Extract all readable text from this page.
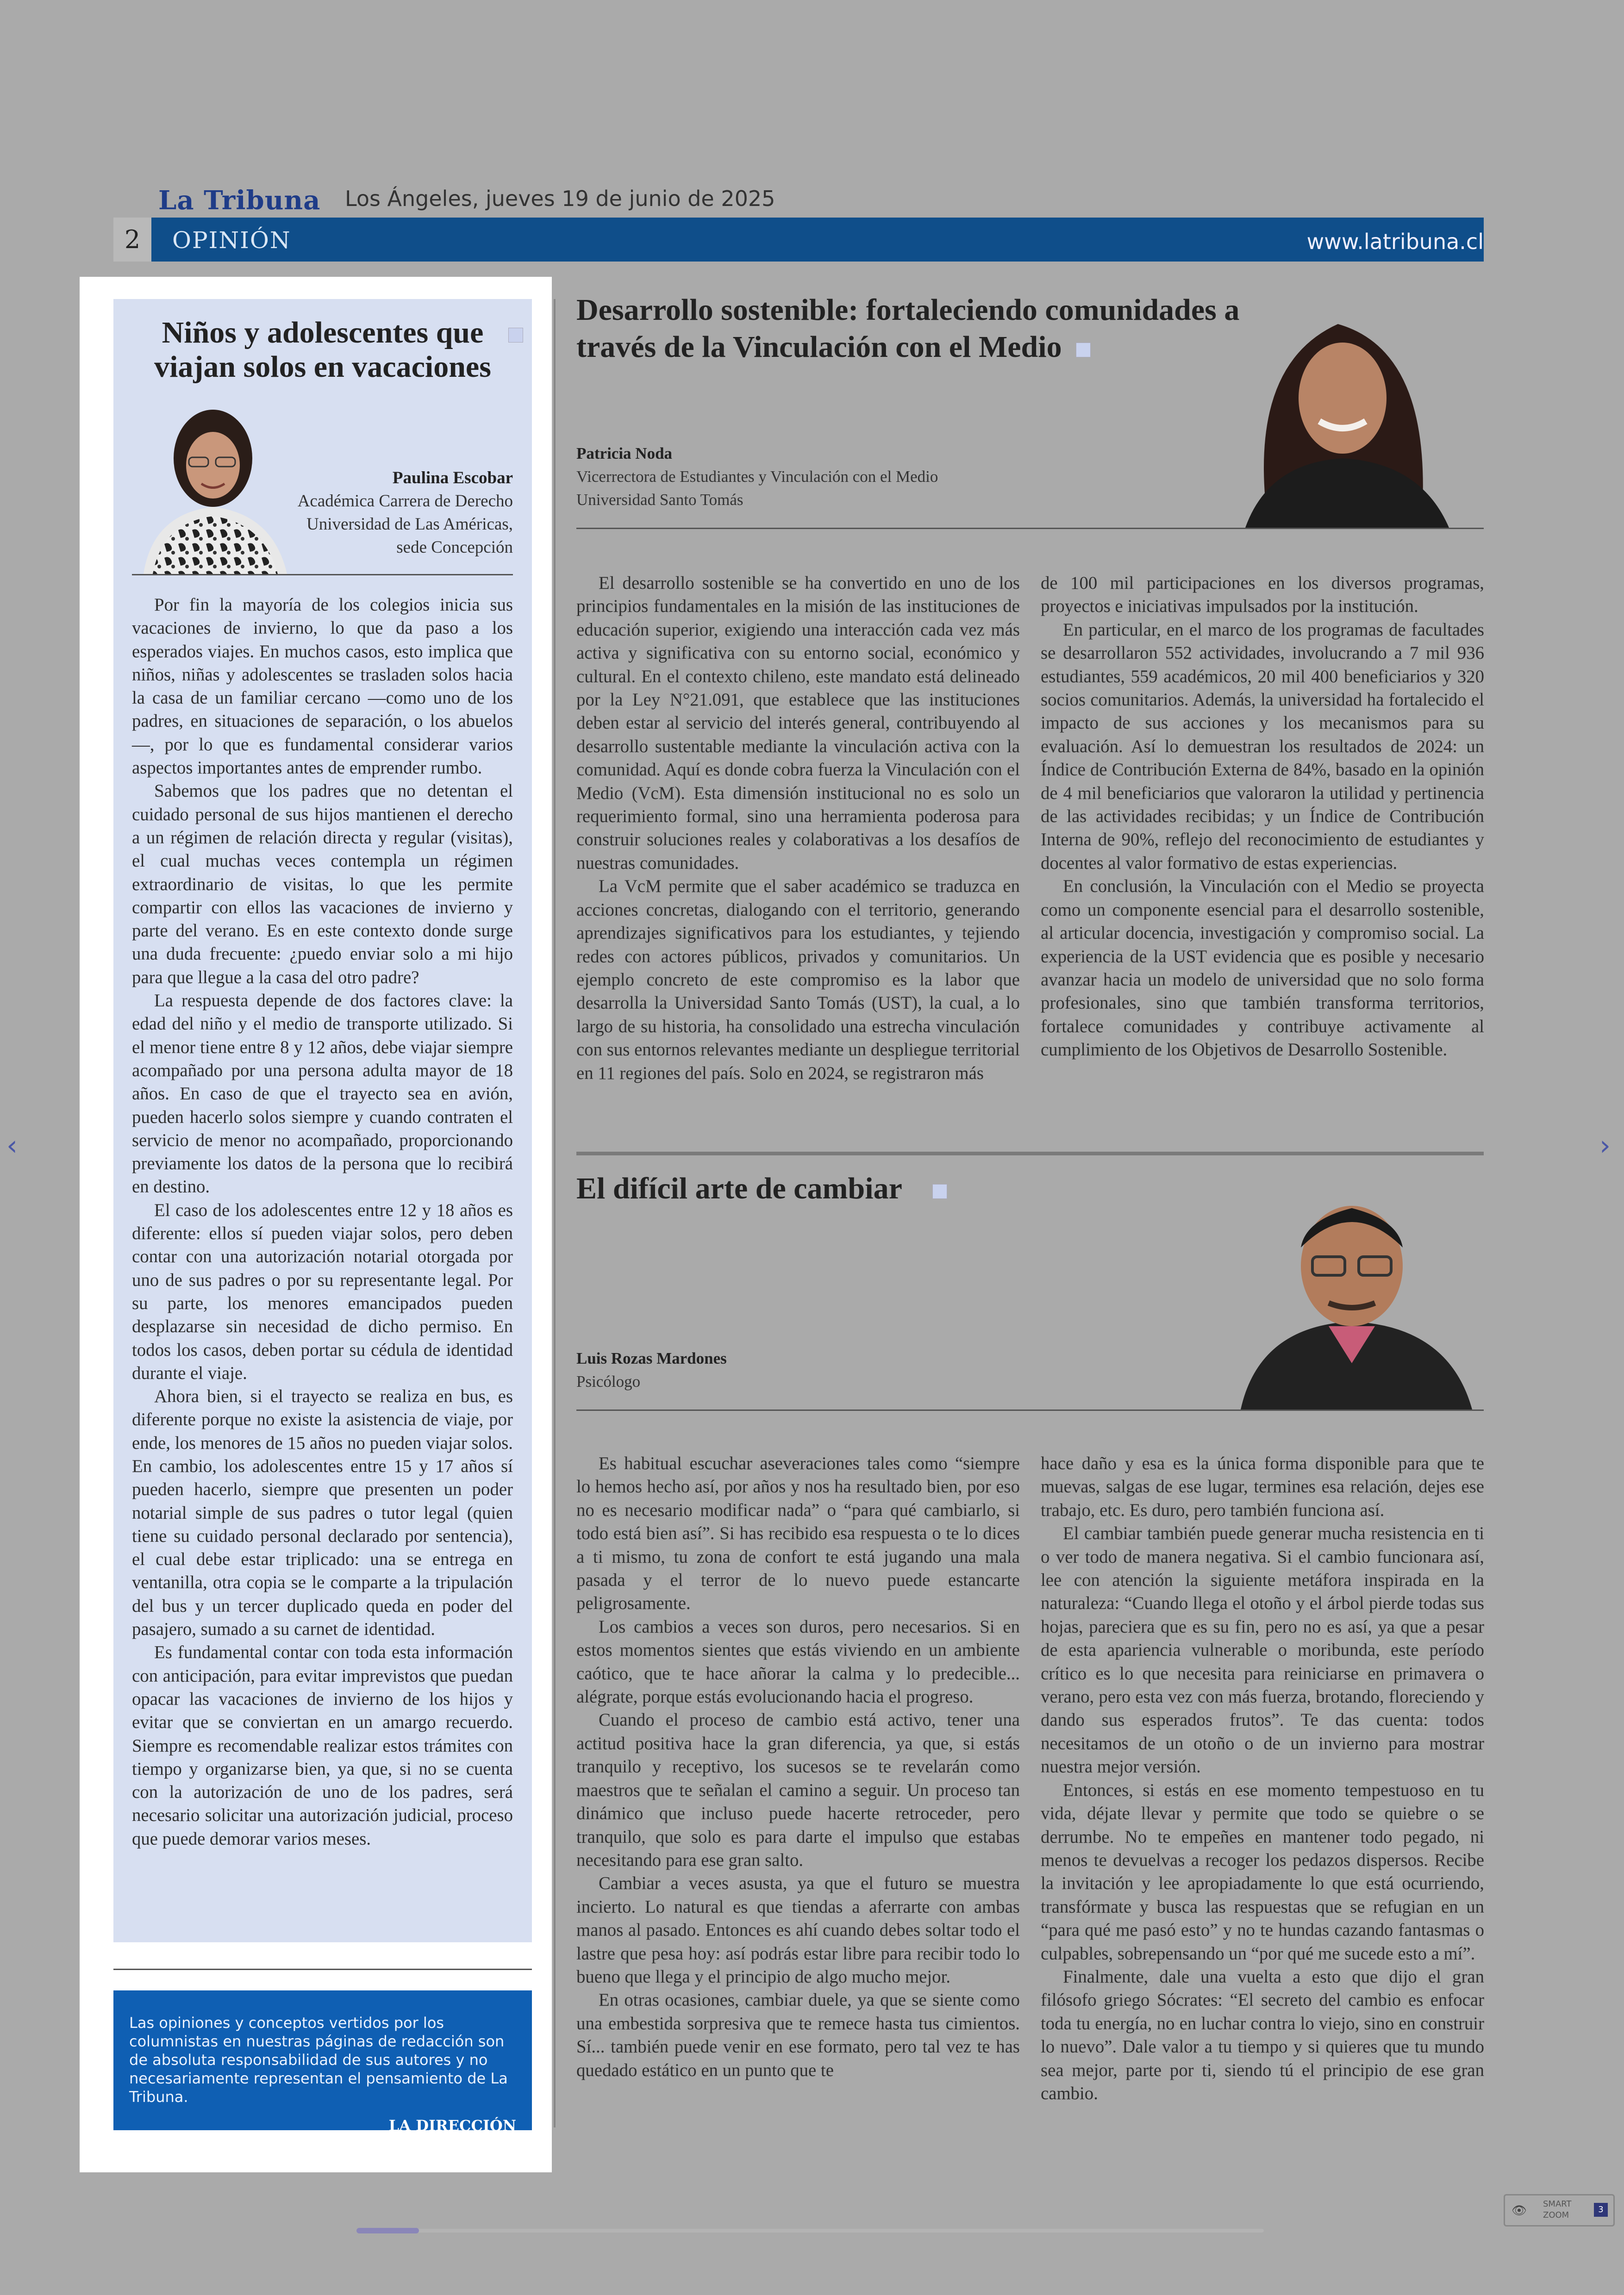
La Tribuna Los Ángeles, jueves 19 de junio de 2025
2	OPINIÓN	www.latribuna.cl
Niños y adolescentes que viajan solos en vacaciones
Paulina Escobar
Académica Carrera de Derecho
Universidad de Las Américas,
sede Concepción

Por fin la mayoría de los colegios inicia sus vacaciones de invierno, lo que da paso a los esperados viajes. En muchos casos, esto implica que niños, niñas y adolescentes se trasladen solos hacia la casa de un familiar cercano —como uno de los padres, en situaciones de separación, o los abuelos—, por lo que es fundamental considerar varios aspectos importantes antes de emprender rumbo.

Sabemos que los padres que no detentan el cuidado personal de sus hijos mantienen el derecho a un régimen de relación directa y regular (visitas), el cual muchas veces contempla un régimen extraordinario de visitas, lo que les permite compartir con ellos las vacaciones de invierno y parte del verano. Es en este contexto donde surge una duda frecuente: ¿puedo enviar solo a mi hijo para que llegue a la casa del otro padre?

La respuesta depende de dos factores clave: la edad del niño y el medio de transporte utilizado. Si el menor tiene entre 8 y 12 años, debe viajar siempre acompañado por una persona adulta mayor de 18 años. En caso de que el trayecto sea en avión, pueden hacerlo solos siempre y cuando contraten el servicio de menor no acompañado, proporcionando previamente los datos de la persona que lo recibirá en destino.

El caso de los adolescentes entre 12 y 18 años es diferente: ellos sí pueden viajar solos, pero deben contar con una autorización notarial otorgada por uno de sus padres o por su representante legal. Por su parte, los menores emancipados pueden desplazarse sin necesidad de dicho permiso. En todos los casos, deben portar su cédula de identidad durante el viaje.

Ahora bien, si el trayecto se realiza en bus, es diferente porque no existe la asistencia de viaje, por ende, los menores de 15 años no pueden viajar solos. En cambio, los adolescentes entre 15 y 17 años sí pueden hacerlo, siempre que presenten un poder notarial simple de sus padres o tutor legal (quien tiene su cuidado personal declarado por sentencia), el cual debe estar triplicado: una se entrega en ventanilla, otra copia se le comparte a la tripulación del bus y un tercer duplicado queda en poder del pasajero, sumado a su carnet de identidad.

Es fundamental contar con toda esta información con anticipación, para evitar imprevistos que puedan opacar las vacaciones de invierno de los hijos y evitar que se conviertan en un amargo recuerdo. Siempre es recomendable realizar estos trámites con tiempo y organizarse bien, ya que, si no se cuenta con la autorización de uno de los padres, será necesario solicitar una autorización judicial, proceso que puede demorar varios meses.

Las opiniones y conceptos vertidos por los columnistas en nuestras páginas de redacción son de absoluta responsabilidad de sus autores y no necesariamente representan el pensamiento de La Tribuna.
LA DIRECCIÓN
Desarrollo sostenible: fortaleciendo comunidades a través de la Vinculación con el Medio
Patricia Noda
Vicerrectora de Estudiantes y Vinculación con el Medio
Universidad Santo Tomás

El desarrollo sostenible se ha convertido en uno de los principios fundamentales en la misión de las instituciones de educación superior, exigiendo una interacción cada vez más activa y significativa con su entorno social, económico y cultural. En el contexto chileno, este mandato está delineado por la Ley N°21.091, que establece que las instituciones deben estar al servicio del interés general, contribuyendo al desarrollo sustentable mediante la vinculación activa con la comunidad. Aquí es donde cobra fuerza la Vinculación con el Medio (VcM). Esta dimensión institucional no es solo un requerimiento formal, sino una herramienta poderosa para construir soluciones reales y colaborativas a los desafíos de nuestras comunidades.

La VcM permite que el saber académico se traduzca en acciones concretas, dialogando con el territorio, generando aprendizajes significativos para los estudiantes, y tejiendo redes con actores públicos, privados y comunitarios. Un ejemplo concreto de este compromiso es la labor que desarrolla la Universidad Santo Tomás (UST), la cual, a lo largo de su historia, ha consolidado una estrecha vinculación con sus entornos relevantes mediante un despliegue territorial en 11 regiones del país. Solo en 2024, se registraron más

de 100 mil participaciones en los diversos programas, proyectos e iniciativas impulsados por la institución.

En particular, en el marco de los programas de facultades se desarrollaron 552 actividades, involucrando a 7 mil 936 estudiantes, 559 académicos, 20 mil 400 beneficiarios y 320 socios comunitarios. Además, la universidad ha fortalecido el impacto de sus acciones y los mecanismos para su evaluación. Así lo demuestran los resultados de 2024: un Índice de Contribución Externa de 84%, basado en la opinión de 4 mil beneficiarios que valoraron la utilidad y pertinencia de las actividades recibidas; y un Índice de Contribución Interna de 90%, reflejo del reconocimiento de estudiantes y docentes al valor formativo de estas experiencias.

En conclusión, la Vinculación con el Medio se proyecta como un componente esencial para el desarrollo sostenible, al articular docencia, investigación y compromiso social. La experiencia de la UST evidencia que es posible y necesario avanzar hacia un modelo de universidad que no solo forma profesionales, sino que también transforma territorios, fortalece comunidades y contribuye activamente al cumplimiento de los Objetivos de Desarrollo Sostenible.

El difícil arte de cambiar
Luis Rozas Mardones
Psicólogo

Es habitual escuchar aseveraciones tales como “siempre lo hemos hecho así, por años y nos ha resultado bien, por eso no es necesario modificar nada” o “para qué cambiarlo, si todo está bien así”. Si has recibido esa respuesta o te lo dices a ti mismo, tu zona de confort te está jugando una mala pasada y el terror de lo nuevo puede estancarte peligrosamente.

Los cambios a veces son duros, pero necesarios. Si en estos momentos sientes que estás viviendo en un ambiente caótico, que te hace añorar la calma y lo predecible... alégrate, porque estás evolucionando hacia el progreso.

Cuando el proceso de cambio está activo, tener una actitud positiva hace la gran diferencia, ya que, si estás tranquilo y receptivo, los sucesos se te revelarán como maestros que te señalan el camino a seguir. Un proceso tan dinámico que incluso puede hacerte retroceder, pero tranquilo, que solo es para darte el impulso que estabas necesitando para ese gran salto.

Cambiar a veces asusta, ya que el futuro se muestra incierto. Lo natural es que tiendas a aferrarte con ambas manos al pasado. Entonces es ahí cuando debes soltar todo el lastre que pesa hoy: así podrás estar libre para recibir todo lo bueno que llega y el principio de algo mucho mejor.

En otras ocasiones, cambiar duele, ya que se siente como una embestida sorpresiva que te remece hasta tus cimientos. Sí... también puede venir en ese formato, pero tal vez te has quedado estático en un punto que te

hace daño y esa es la única forma disponible para que te muevas, salgas de ese lugar, termines esa relación, dejes ese trabajo, etc. Es duro, pero también funciona así.

El cambiar también puede generar mucha resistencia en ti o ver todo de manera negativa. Si el cambio funcionara así, lee con atención la siguiente metáfora inspirada en la naturaleza: “Cuando llega el otoño y el árbol pierde todas sus hojas, pareciera que es su fin, pero no es así, ya que a pesar de esta apariencia vulnerable o moribunda, este período crítico es lo que necesita para reiniciarse en primavera o verano, pero esta vez con más fuerza, brotando, floreciendo y dando sus esperados frutos”. Te das cuenta: todos necesitamos de un otoño o de un invierno para mostrar nuestra mejor versión.

Entonces, si estás en ese momento tempestuoso en tu vida, déjate llevar y permite que todo se quiebre o se derrumbe. No te empeñes en mantener todo pegado, ni menos te devuelvas a recoger los pedazos dispersos. Recibe la invitación y lee apropiadamente lo que está ocurriendo, transfórmate y busca las respuestas que se refugian en un “para qué me pasó esto” y no te hundas cazando fantasmas o culpables, sobrepensando un “por qué me sucede esto a mí”.

Finalmente, dale una vuelta a esto que dijo el gran filósofo griego Sócrates: “El secreto del cambio es enfocar toda tu energía, no en luchar contra lo viejo, sino en construir lo nuevo”. Dale valor a tu tiempo y si quieres que tu mundo sea mejor, parte por ti, siendo tú el principio de ese gran cambio.

‹	›
👁 SMART
ZOOM
3
